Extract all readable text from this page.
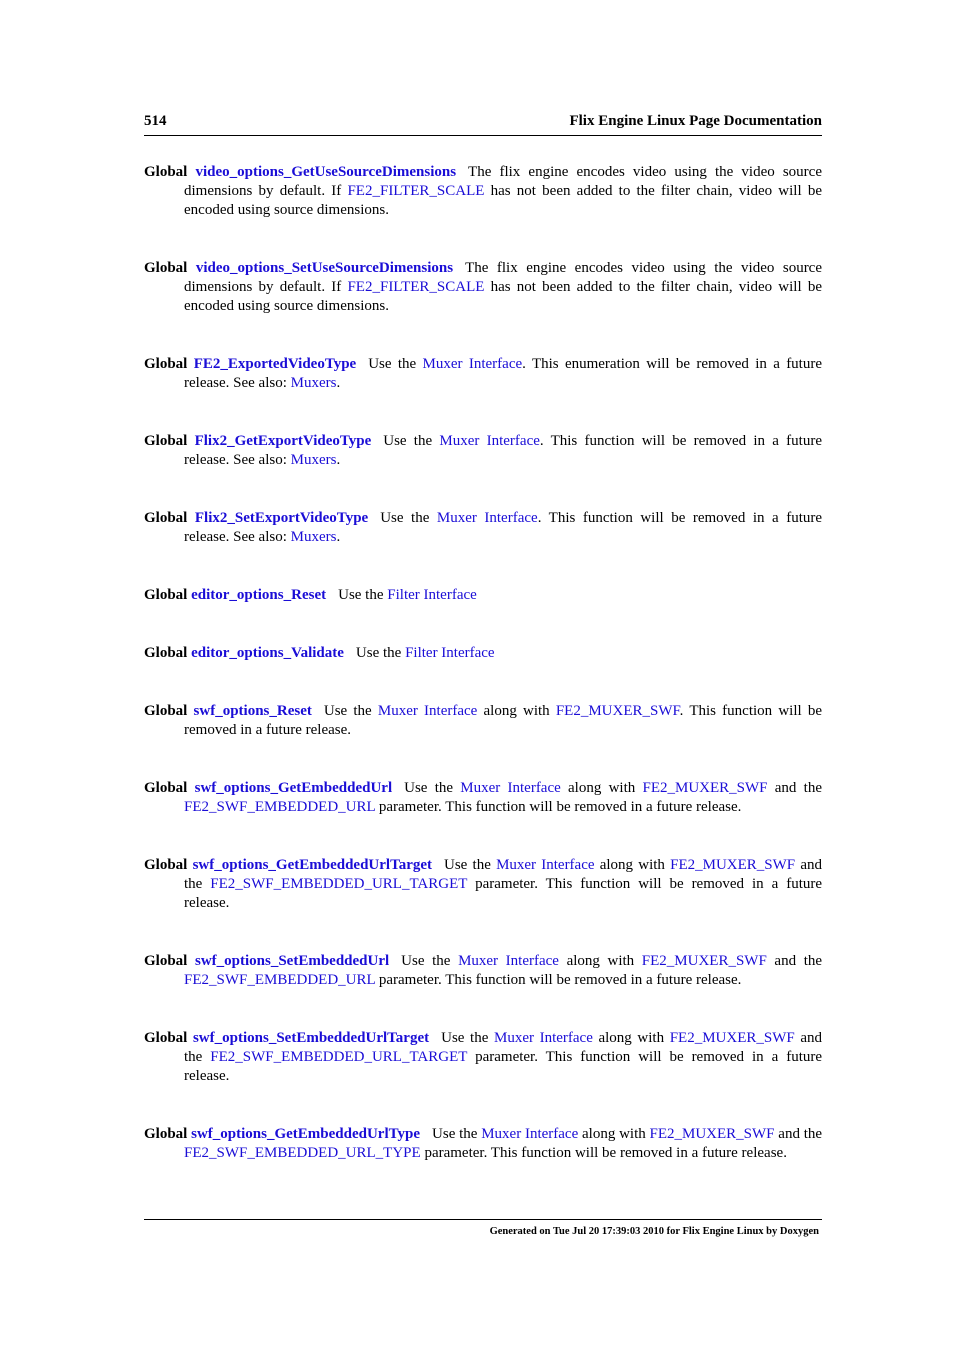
514	Flix Engine Linux Page Documentation
Global video_options_GetUseSourceDimensions The flix engine encodes video using the video source dimensions by default. If FE2_FILTER_SCALE has not been added to the filter chain, video will be encoded using source dimensions.
Global video_options_SetUseSourceDimensions The flix engine encodes video using the video source dimensions by default. If FE2_FILTER_SCALE has not been added to the filter chain, video will be encoded using source dimensions.
Global FE2_ExportedVideoType Use the Muxer Interface. This enumeration will be removed in a future release. See also: Muxers.
Global Flix2_GetExportVideoType Use the Muxer Interface. This function will be removed in a future release. See also: Muxers.
Global Flix2_SetExportVideoType Use the Muxer Interface. This function will be removed in a future release. See also: Muxers.
Global editor_options_Reset Use the Filter Interface
Global editor_options_Validate Use the Filter Interface
Global swf_options_Reset Use the Muxer Interface along with FE2_MUXER_SWF. This function will be removed in a future release.
Global swf_options_GetEmbeddedUrl Use the Muxer Interface along with FE2_MUXER_SWF and the FE2_SWF_EMBEDDED_URL parameter. This function will be removed in a future release.
Global swf_options_GetEmbeddedUrlTarget Use the Muxer Interface along with FE2_MUXER_SWF and the FE2_SWF_EMBEDDED_URL_TARGET parameter. This function will be removed in a future release.
Global swf_options_SetEmbeddedUrl Use the Muxer Interface along with FE2_MUXER_SWF and the FE2_SWF_EMBEDDED_URL parameter. This function will be removed in a future release.
Global swf_options_SetEmbeddedUrlTarget Use the Muxer Interface along with FE2_MUXER_SWF and the FE2_SWF_EMBEDDED_URL_TARGET parameter. This function will be removed in a future release.
Global swf_options_GetEmbeddedUrlType Use the Muxer Interface along with FE2_MUXER_SWF and the FE2_SWF_EMBEDDED_URL_TYPE parameter. This function will be removed in a future release.
Generated on Tue Jul 20 17:39:03 2010 for Flix Engine Linux by Doxygen
